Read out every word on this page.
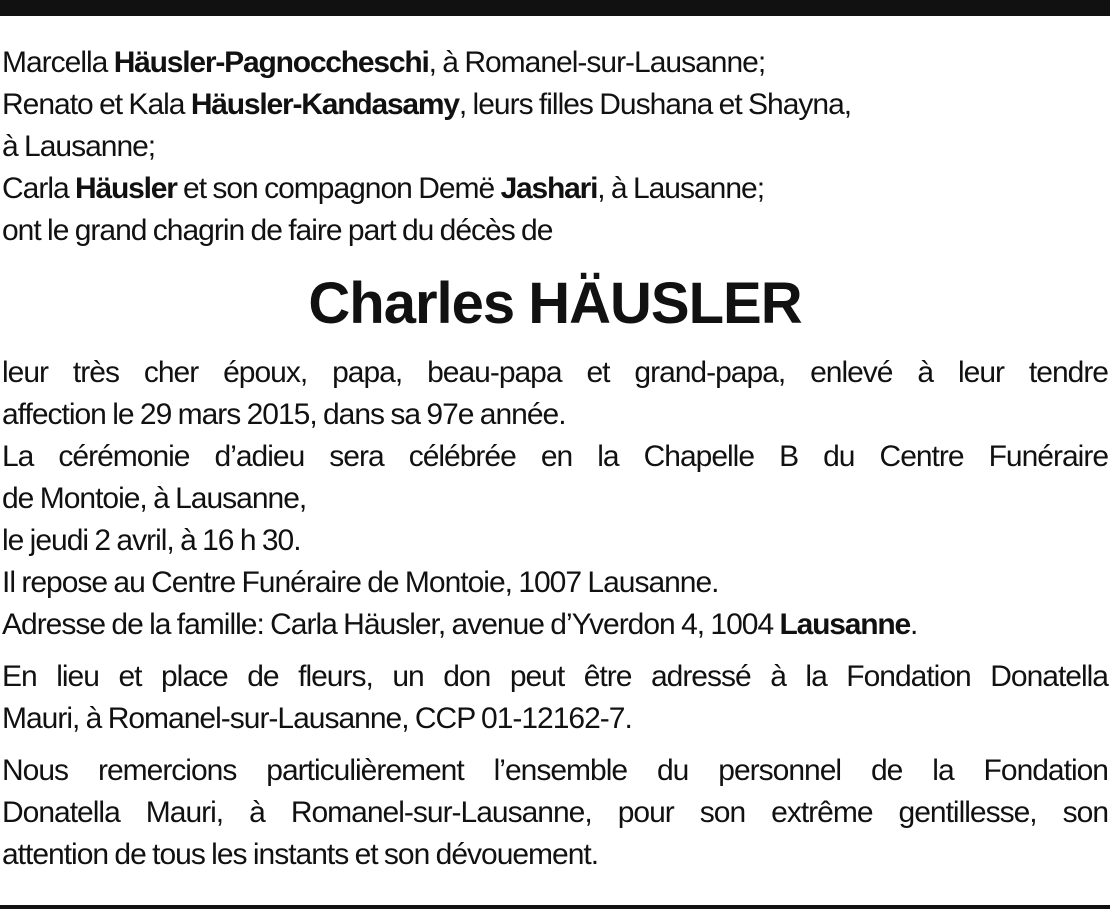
Marcella Häusler-Pagnoccheschi, à Romanel-sur-Lausanne;

Renato et Kala Häusler-Kandasamy, leurs filles Dushana et Shayna,

à Lausanne;

Carla Häusler et son compagnon Demë Jashari, à Lausanne;

ont le grand chagrin de faire part du décès de

Charles HÄUSLER

leur très cher époux, papa, beau-papa et grand-papa, enlevé à leur tendre

affection le 29 mars 2015, dans sa 97e année.

La cérémonie d’adieu sera célébrée en la Chapelle B du Centre Funéraire

de Montoie, à Lausanne,

le jeudi 2 avril, à 16 h 30.

Il repose au Centre Funéraire de Montoie, 1007 Lausanne.

Adresse de la famille: Carla Häusler, avenue d’Yverdon 4, 1004 Lausanne.

En lieu et place de fleurs, un don peut être adressé à la Fondation Donatella

Mauri, à Romanel-sur-Lausanne, CCP 01-12162-7.

Nous remercions particulièrement l’ensemble du personnel de la Fondation

Donatella Mauri, à Romanel-sur-Lausanne, pour son extrême gentillesse, son

attention de tous les instants et son dévouement.
